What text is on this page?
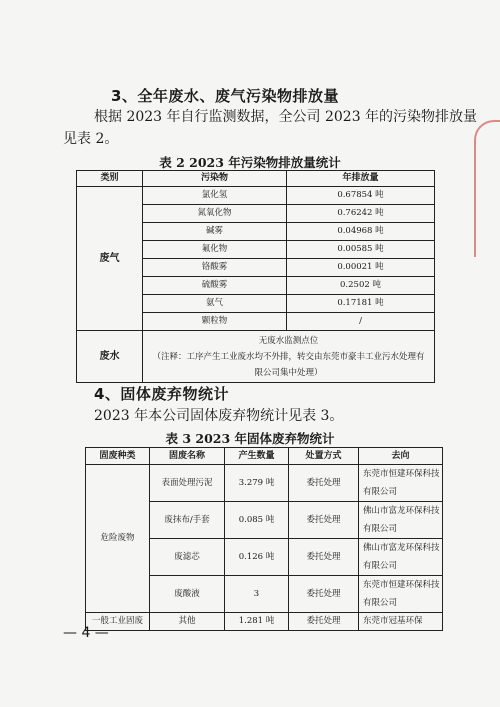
3、全年废水、废气污染物排放量
根据 2023 年自行监测数据，全公司 2023 年的污染物排放量
见表 2。
表 2 2023 年污染物排放量统计
类别	污染物	年排放量
废气	氯化氢	0.67854 吨
	氮氧化物	0.76242 吨
	碱雾	0.04968 吨
	氟化物	0.00585 吨
	铬酸雾	0.00021 吨
	硫酸雾	0.2502 吨
	氨气	0.17181 吨
	颗粒物	/
废水	无废水监测点位
（注释：工序产生工业废水均不外排，转交由东莞市豪丰工业污水处理有限公司集中处理）	
4、固体废弃物统计
2023 年本公司固体废弃物统计见表 3。
表 3 2023 年固体废弃物统计
固废种类	固废名称	产生数量	处置方式	去向
危险废物	表面处理污泥	3.279 吨	委托处理	东莞市恒建环保科技有限公司
	废抹布/手套	0.085 吨	委托处理	佛山市富龙环保科技有限公司
	废滤芯	0.126 吨	委托处理	佛山市富龙环保科技有限公司
	废酸液	3	委托处理	东莞市恒建环保科技有限公司
一般工业固废	其他	1.281 吨	委托处理	东莞市冠基环保
— 4 —
